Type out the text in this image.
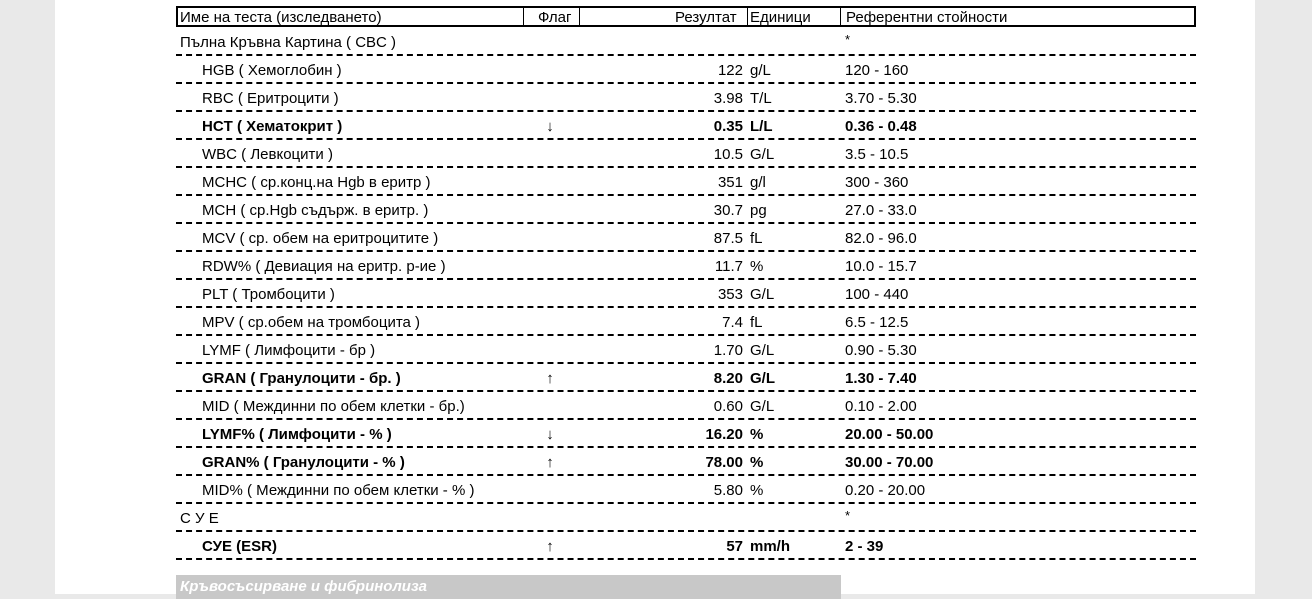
Име на теста (изследването)	Флаг	Резултат Единици Референтни стойности
Пълна Кръвна Картина ( CBC )	*
HGB ( Хемоглобин )	122 g/L	120 - 160
RBC ( Еритроцити )	3.98 T/L	3.70 - 5.30
HCT ( Хематокрит )	↓	0.35 L/L	0.36 - 0.48
WBC ( Левкоцити )	10.5 G/L	3.5 - 10.5
MCHC ( ср.конц.на Hgb в еритр )	351 g/l	300 - 360
MCH ( ср.Hgb съдърж. в еритр. )	30.7 pg	27.0 - 33.0
MCV ( ср. обем на еритроцитите )	87.5 fL	82.0 - 96.0
RDW% ( Девиация на еритр. р-ие )	11.7 %	10.0 - 15.7
PLT ( Тромбоцити )	353 G/L	100 - 440
MPV ( ср.обем на тромбоцита )	7.4 fL	6.5 - 12.5
LYMF ( Лимфоцити - бр )	1.70 G/L	0.90 - 5.30
GRAN ( Гранулоцити - бр. )	↑	8.20 G/L	1.30 - 7.40
MID ( Междинни по обем клетки - бр.)	0.60 G/L	0.10 - 2.00
LYMF% ( Лимфоцити - % )	↓	16.20 %	20.00 - 50.00
GRAN% ( Гранулоцити - % )	↑	78.00 %	30.00 - 70.00
MID% ( Междинни по обем клетки - % )	5.80 %	0.20 - 20.00
С У Е	*
СУЕ (ESR)	↑	57 mm/h	2 - 39
Кръвосъсирване и фибринолиза
